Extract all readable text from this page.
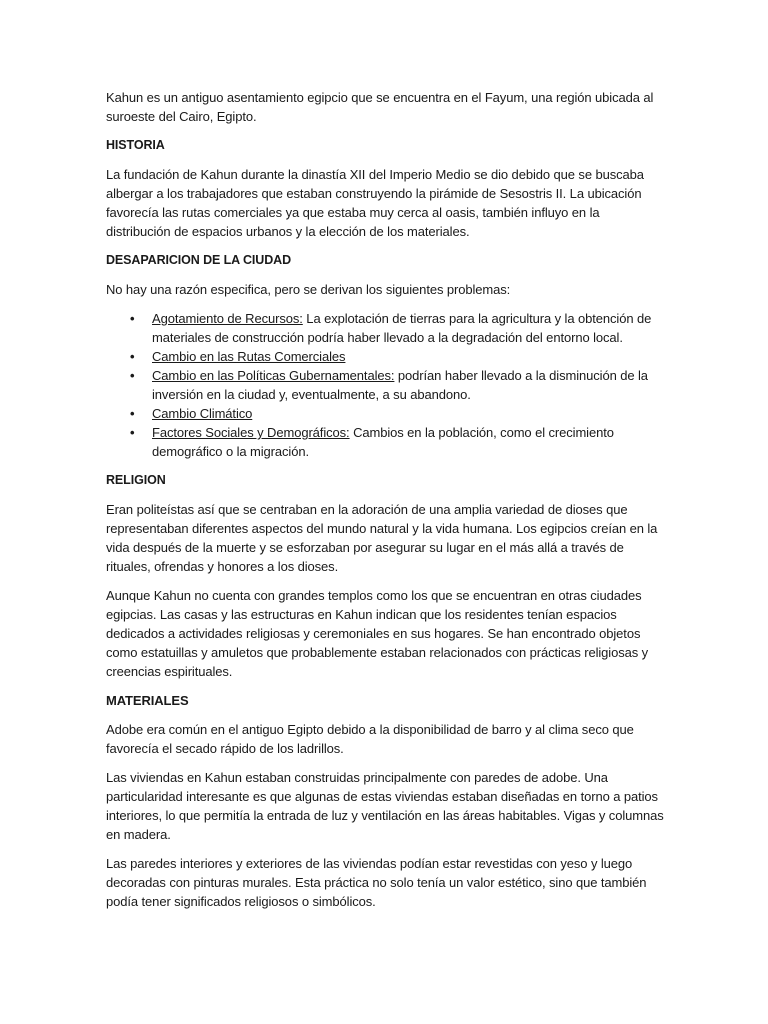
Kahun es un antiguo asentamiento egipcio que se encuentra en el Fayum, una región ubicada al suroeste del Cairo, Egipto.

HISTORIA

La fundación de Kahun durante la dinastía XII del Imperio Medio se dio debido que se buscaba albergar a los trabajadores que estaban construyendo la pirámide de Sesostris II. La ubicación favorecía las rutas comerciales ya que estaba muy cerca al oasis, también influyo en la distribución de espacios urbanos y la elección de los materiales.

DESAPARICION DE LA CIUDAD

No hay una razón especifica, pero se derivan los siguientes problemas:

• Agotamiento de Recursos: La explotación de tierras para la agricultura y la obtención de materiales de construcción podría haber llevado a la degradación del entorno local.
• Cambio en las Rutas Comerciales
• Cambio en las Políticas Gubernamentales: podrían haber llevado a la disminución de la inversión en la ciudad y, eventualmente, a su abandono.
• Cambio Climático
• Factores Sociales y Demográficos: Cambios en la población, como el crecimiento demográfico o la migración.
RELIGION

Eran politeístas así que se centraban en la adoración de una amplia variedad de dioses que representaban diferentes aspectos del mundo natural y la vida humana. Los egipcios creían en la vida después de la muerte y se esforzaban por asegurar su lugar en el más allá a través de rituales, ofrendas y honores a los dioses.

Aunque Kahun no cuenta con grandes templos como los que se encuentran en otras ciudades egipcias. Las casas y las estructuras en Kahun indican que los residentes tenían espacios dedicados a actividades religiosas y ceremoniales en sus hogares. Se han encontrado objetos como estatuillas y amuletos que probablemente estaban relacionados con prácticas religiosas y creencias espirituales.

MATERIALES

Adobe era común en el antiguo Egipto debido a la disponibilidad de barro y al clima seco que favorecía el secado rápido de los ladrillos.

Las viviendas en Kahun estaban construidas principalmente con paredes de adobe. Una particularidad interesante es que algunas de estas viviendas estaban diseñadas en torno a patios interiores, lo que permitía la entrada de luz y ventilación en las áreas habitables. Vigas y columnas en madera.

Las paredes interiores y exteriores de las viviendas podían estar revestidas con yeso y luego decoradas con pinturas murales. Esta práctica no solo tenía un valor estético, sino que también podía tener significados religiosos o simbólicos.
